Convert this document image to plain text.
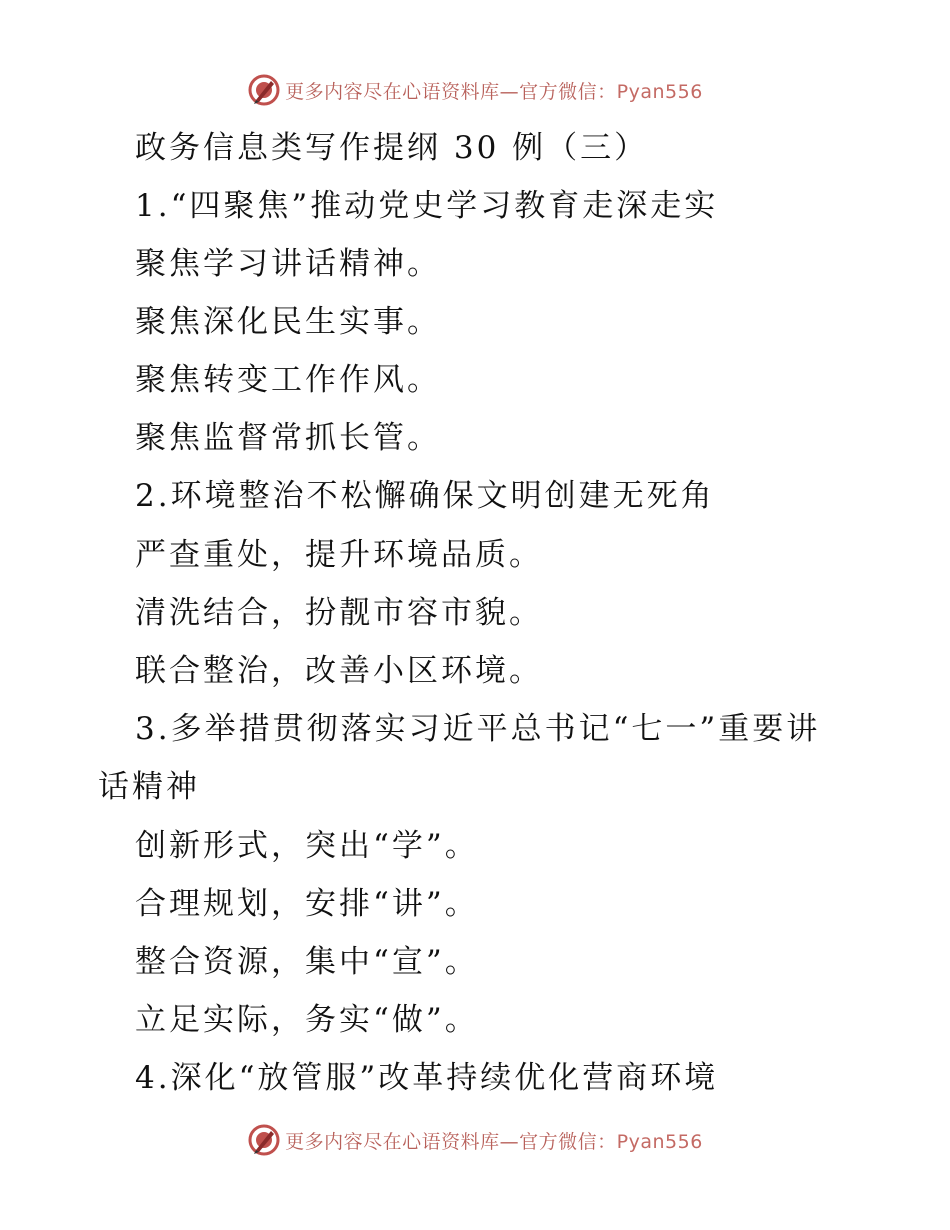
更多内容尽在心语资料库—官方微信：Pyan556
政务信息类写作提纲 30 例（三）
1.“四聚焦”推动党史学习教育走深走实
聚焦学习讲话精神。
聚焦深化民生实事。
聚焦转变工作作风。
聚焦监督常抓长管。
2.环境整治不松懈确保文明创建无死角
严查重处，提升环境品质。
清洗结合，扮靓市容市貌。
联合整治，改善小区环境。
3.多举措贯彻落实习近平总书记“七一”重要讲
话精神
创新形式，突出“学”。
合理规划，安排“讲”。
整合资源，集中“宣”。
立足实际，务实“做”。
4.深化“放管服”改革持续优化营商环境
更多内容尽在心语资料库—官方微信：Pyan556
